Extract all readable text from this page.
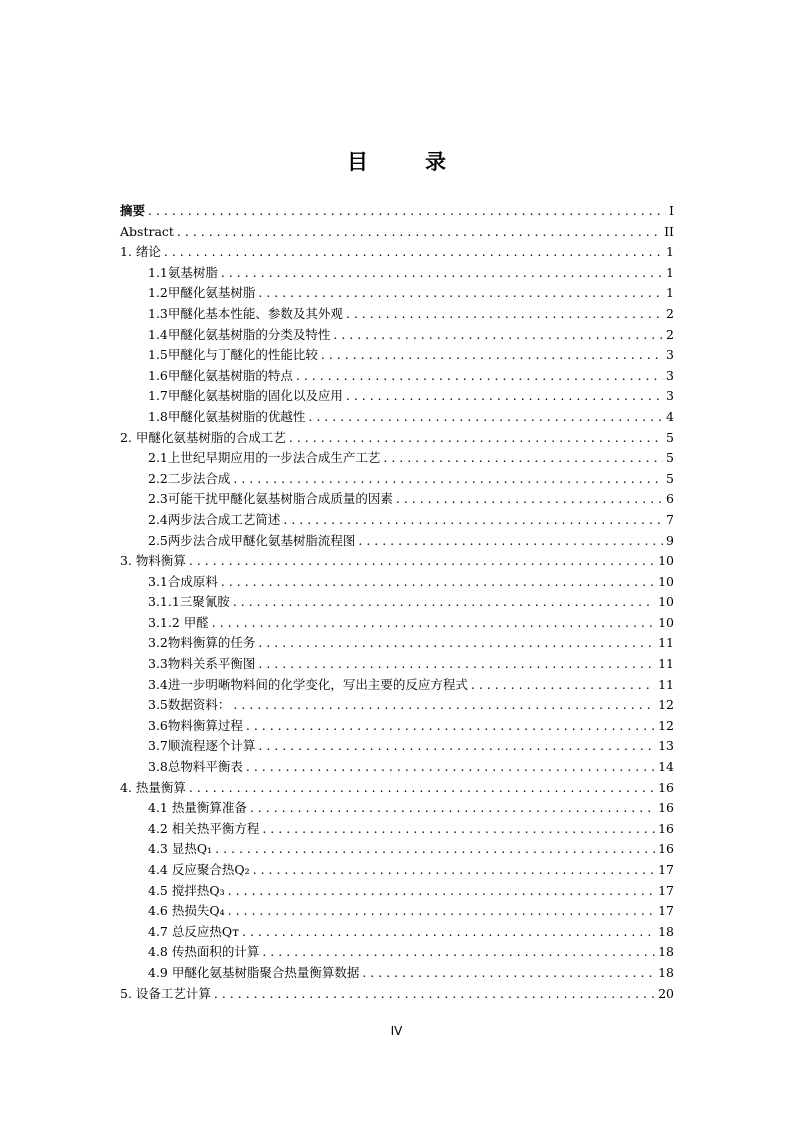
目　录
摘要 . . .	I
Abstract . . .	II
1. 绪论 . . .	1
1.1氨基树脂 . . .	1
1.2甲醚化氨基树脂 . . .	1
1.3甲醚化基本性能、参数及其外观 . . .	2
1.4甲醚化氨基树脂的分类及特性 . . .	2
1.5甲醚化与丁醚化的性能比较 . . .	3
1.6甲醚化氨基树脂的特点 . . .	3
1.7甲醚化氨基树脂的固化以及应用 . . .	3
1.8甲醚化氨基树脂的优越性 . . .	4
2. 甲醚化氨基树脂的合成工艺 . . .	5
2.1上世纪早期应用的一步法合成生产工艺 . . .	5
2.2二步法合成 . . .	5
2.3可能干扰甲醚化氨基树脂合成质量的因素 . . .	6
2.4两步法合成工艺简述 . . .	7
2.5两步法合成甲醚化氨基树脂流程图 . . .	9
3. 物料衡算 . . .	10
3.1合成原料 . . .	10
3.1.1三聚氰胺 . . .	10
3.1.2 甲醛 . . .	10
3.2物料衡算的任务 . . .	11
3.3物料关系平衡图 . . .	11
3.4进一步明晰物料间的化学变化，写出主要的反应方程式 . . .	11
3.5数据资料： . . .	12
3.6物料衡算过程 . . .	12
3.7顺流程逐个计算 . . .	13
3.8总物料平衡表 . . .	14
4. 热量衡算 . . .	16
4.1 热量衡算准备 . . .	16
4.2 相关热平衡方程 . . .	16
4.3 显热Q₁ . . .	16
4.4 反应聚合热Q₂ . . .	17
4.5 搅拌热Q₃ . . .	17
4.6 热损失Q₄ . . .	17
4.7 总反应热Qт . . .	18
4.8 传热面积的计算 . . .	18
4.9 甲醚化氨基树脂聚合热量衡算数据 . . .	18
5. 设备工艺计算 . . .	20
IV
